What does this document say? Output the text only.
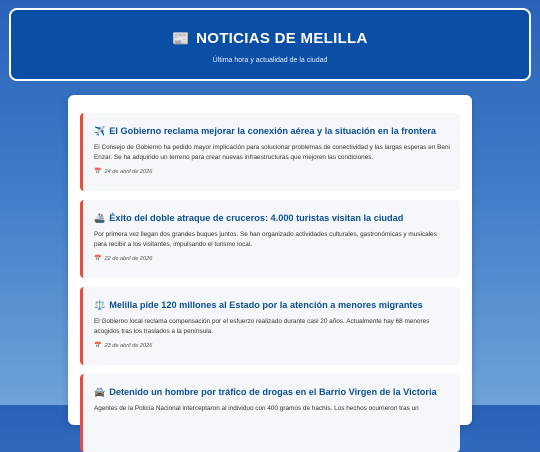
📰 NOTICIAS DE MELILLA
Última hora y actualidad de la ciudad
✈️ El Gobierno reclama mejorar la conexión aérea y la situación en la frontera
El Consejo de Gobierno ha pedido mayor implicación para solucionar problemas de conectividad y las largas esperas en Beni Enzar. Se ha adquirido un terreno para crear nuevas infraestructuras que mejoren las condiciones.
📅 24 de abril de 2026
🚢 Éxito del doble atraque de cruceros: 4.000 turistas visitan la ciudad
Por primera vez llegan dos grandes buques juntos. Se han organizado actividades culturales, gastronómicas y musicales para recibir a los visitantes, impulsando el turismo local.
📅 22 de abril de 2026
⚖️ Melilla pide 120 millones al Estado por la atención a menores migrantes
El Gobierno local reclama compensación por el esfuerzo realizado durante casi 20 años. Actualmente hay 68 menores acogidos tras los traslados a la península.
📅 23 de abril de 2026
🚔 Detenido un hombre por tráfico de drogas en el Barrio Virgen de la Victoria
Agentes de la Policía Nacional interceptaron al individuo con 400 gramos de hachís. Los hechos ocurrieron tras un
